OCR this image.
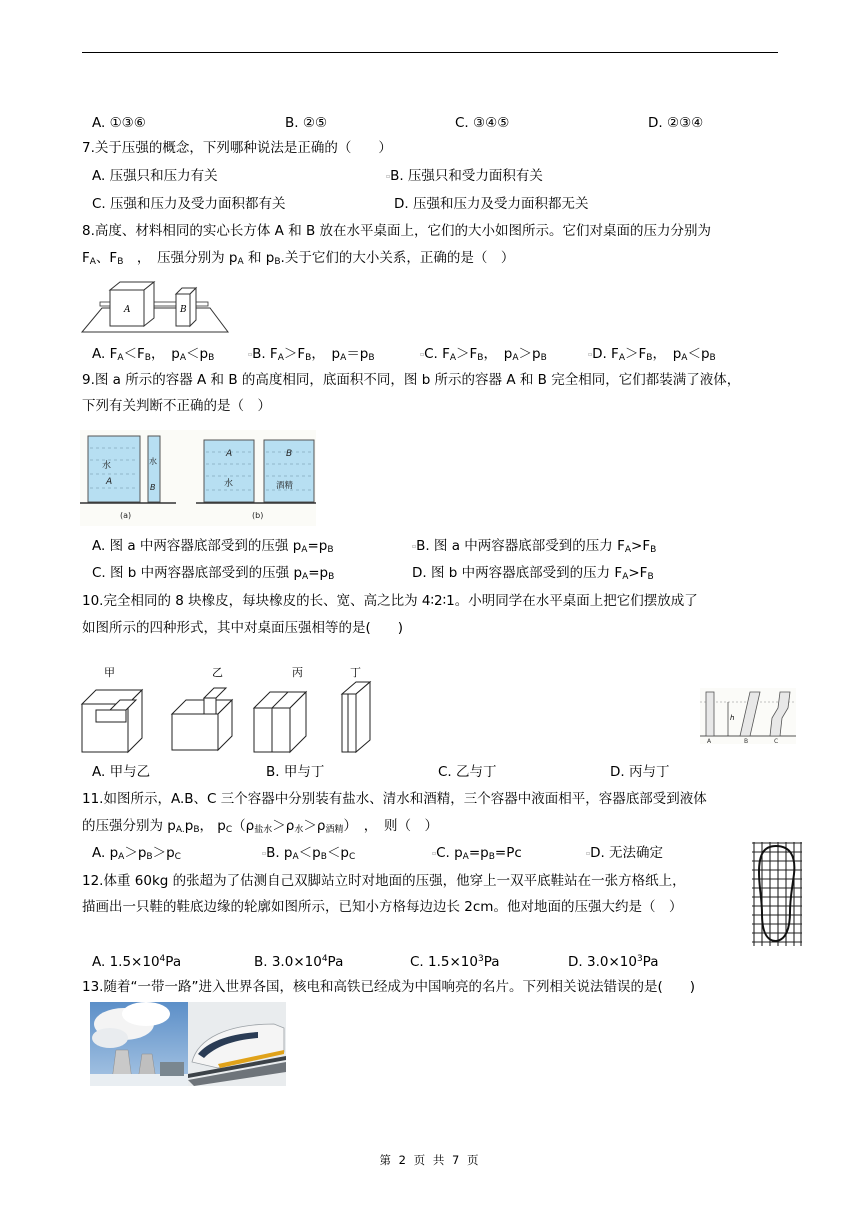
A. ①③⑥	B. ②⑤	C. ③④⑤	D. ②③④
7.关于压强的概念，下列哪种说法是正确的（　　）
A. 压强只和压力有关	▫B. 压强只和受力面积有关
C. 压强和压力及受力面积都有关	D. 压强和压力及受力面积都无关
8.高度、材料相同的实心长方体 A 和 B 放在水平桌面上，它们的大小如图所示。它们对桌面的压力分别为
$F_A$、$F_B$　，　压强分别为 $p_A$ 和 $p_B$.关于它们的大小关系，正确的是（　）
A	B
A. $F_A<F_B$，　$p_A<p_B$	▫B. $F_A>F_B$，　$p_A=p_B$	▫C. $F_A>F_B$，　$p_A>p_B$	▫D. $F_A>F_B$，　$p_A<p_B$
9.图 a 所示的容器 A 和 B 的高度相同，底面积不同，图 b 所示的容器 A 和 B 完全相同，它们都装满了液体，
下列有关判断不正确的是（　）
水
A
水
B
A
水
B
酒精
(a)	(b)
A. 图 a 中两容器底部受到的压强 $p_A=p_B$	▫B. 图 a 中两容器底部受到的压力 $F_A>F_B$
C. 图 b 中两容器底部受到的压强 $p_A=p_B$	D. 图 b 中两容器底部受到的压力 $F_A>F_B$
10.完全相同的 8 块橡皮，每块橡皮的长、宽、高之比为 4∶2∶1。小明同学在水平桌面上把它们摆放成了
如图所示的四种形式，其中对桌面压强相等的是(　　)
甲	乙	丙	丁
h
A	B	C
A. 甲与乙	B. 甲与丁	C. 乙与丁	D. 丙与丁
11.如图所示，A.B、C 三个容器中分别装有盐水、清水和酒精，三个容器中液面相平，容器底部受到液体
的压强分别为 $p_{A.}p_B$， $p_C(\rho_{盐水}>\rho_水>\rho_{酒精})$　，　则（　）
A. $p_A>p_B>p_C$	▫B. $p_A<p_B<p_C$	▫C. $p_A=p_B=Pc$	▫D. 无法确定
12.体重 60kg 的张超为了估测自己双脚站立时对地面的压强，他穿上一双平底鞋站在一张方格纸上，
描画出一只鞋的鞋底边缘的轮廓如图所示，已知小方格每边边长 2cm。他对地面的压强大约是（　）
A. $1.5\times 10^4Pa$	B. $3.0\times 10^4Pa$	C. $1.5\times 10^3Pa$	D. $3.0\times 10^3Pa$
13.随着“一带一路”进入世界各国，核电和高铁已经成为中国响亮的名片。下列相关说法错误的是(　　)
第 2 页 共 7 页
